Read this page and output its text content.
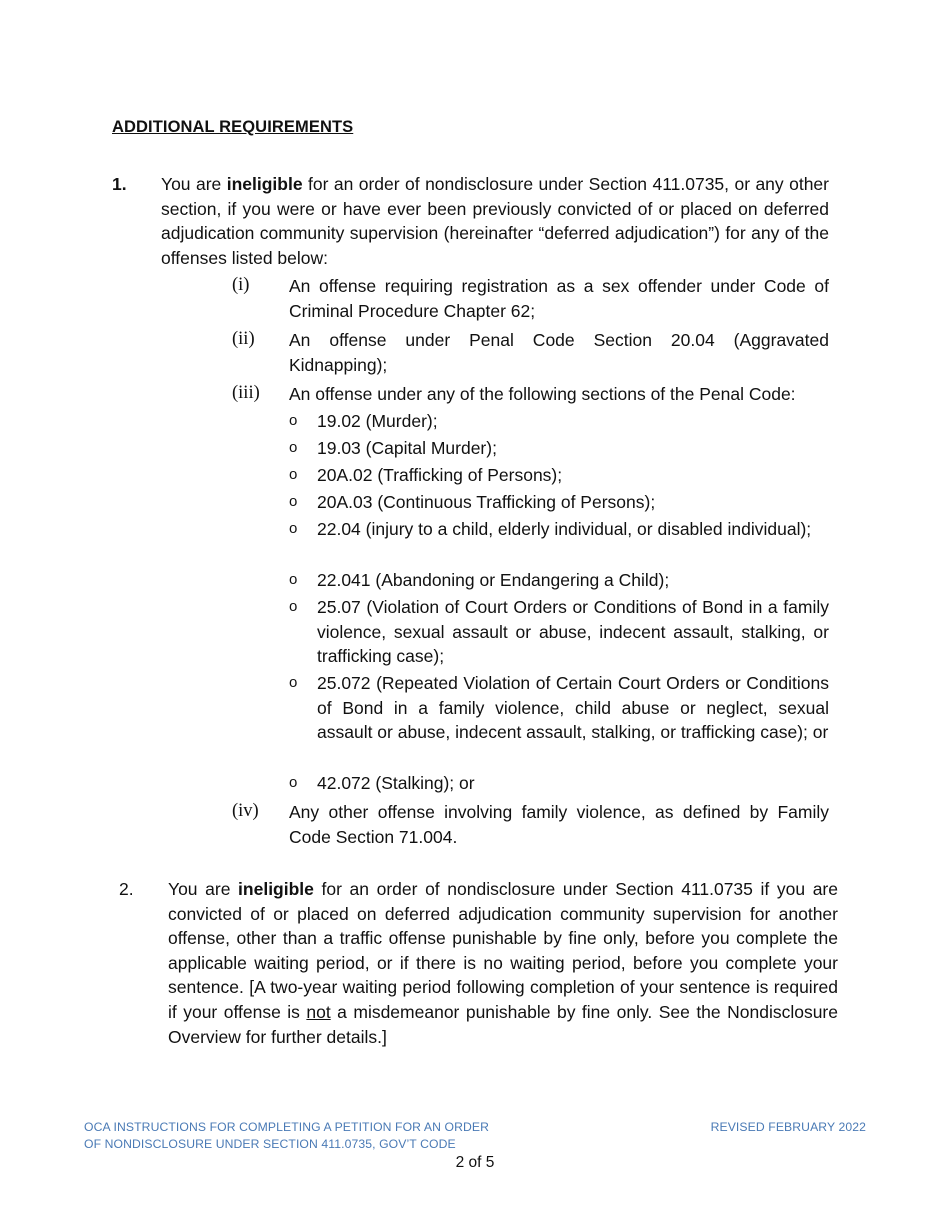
ADDITIONAL REQUIREMENTS
1. You are ineligible for an order of nondisclosure under Section 411.0735, or any other section, if you were or have ever been previously convicted of or placed on deferred adjudication community supervision (hereinafter “deferred adjudication”) for any of the offenses listed below:
(i) An offense requiring registration as a sex offender under Code of Criminal Procedure Chapter 62;
(ii) An offense under Penal Code Section 20.04 (Aggravated Kidnapping);
(iii) An offense under any of the following sections of the Penal Code:
o 19.02 (Murder);
o 19.03 (Capital Murder);
o 20A.02 (Trafficking of Persons);
o 20A.03 (Continuous Trafficking of Persons);
o 22.04 (injury to a child, elderly individual, or disabled individual);
o 22.041 (Abandoning or Endangering a Child);
o 25.07 (Violation of Court Orders or Conditions of Bond in a family violence, sexual assault or abuse, indecent assault, stalking, or trafficking case);
o 25.072 (Repeated Violation of Certain Court Orders or Conditions of Bond in a family violence, child abuse or neglect, sexual assault or abuse, indecent assault, stalking, or trafficking case); or
o 42.072 (Stalking); or
(iv) Any other offense involving family violence, as defined by Family Code Section 71.004.
2. You are ineligible for an order of nondisclosure under Section 411.0735 if you are convicted of or placed on deferred adjudication community supervision for another offense, other than a traffic offense punishable by fine only, before you complete the applicable waiting period, or if there is no waiting period, before you complete your sentence. [A two-year waiting period following completion of your sentence is required if your offense is not a misdemeanor punishable by fine only. See the Nondisclosure Overview for further details.]
OCA INSTRUCTIONS FOR COMPLETING A PETITION FOR AN ORDER
OF NONDISCLOSURE UNDER SECTION 411.0735, GOV’T CODE
REVISED FEBRUARY 2022
2 of 5
